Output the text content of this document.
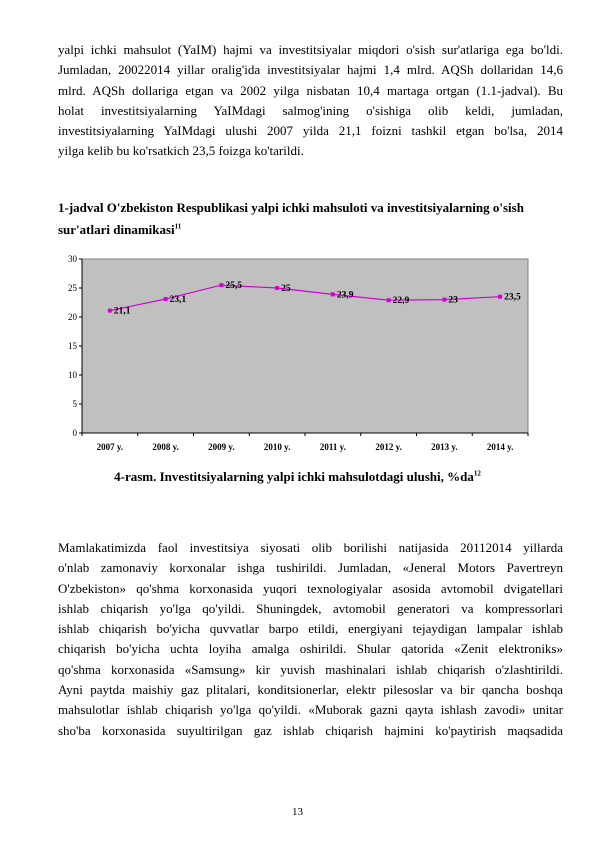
yalpi ichki mahsulot (YaIM) hajmi va investitsiyalar miqdori o'sish sur'atlariga ega bo'ldi.
Jumladan, 20022014 yillar oralig'ida investitsiyalar hajmi 1,4 mlrd. AQSh dollaridan 14,6
mlrd. AQSh dollariga etgan va 2002 yilga nisbatan 10,4 martaga ortgan (1.1-jadval). Bu
holat investitsiyalarning YaIMdagi salmog'ining o'sishiga olib keldi, jumladan,
investitsiyalarning YaIMdagi ulushi 2007 yilda 21,1 foizni tashkil etgan bo'lsa, 2014
yilga kelib bu ko'rsatkich 23,5 foizga ko'tarildi.
1-jadval O'zbekiston Respublikasi yalpi ichki mahsuloti va investitsiyalarning o'sish
sur'atlari dinamikasi$^{11}$
0
5
10
15
20
25
30
2007 y.	2008 y.	2009 y.	2010 y.	2011 y.	2012 y.	2013 y.	2014 y.
21,1
23,1
25,5	25
23,9
22,9	23	23,5
4-rasm. Investitsiyalarning yalpi ichki mahsulotdagi ulushi, $\%da^{12}$
Mamlakatimizda faol investitsiya siyosati olib borilishi natijasida 20112014 yillarda
o'nlab zamonaviy korxonalar ishga tushirildi. Jumladan, «Jeneral Motors Pavertreyn
O'zbekiston» qo'shma korxonasida yuqori texnologiyalar asosida avtomobil dvigatellari
ishlab chiqarish yo'lga qo'yildi. Shuningdek, avtomobil generatori va kompressorlari
ishlab chiqarish bo'yicha quvvatlar barpo etildi, energiyani tejaydigan lampalar ishlab
chiqarish bo'yicha uchta loyiha amalga oshirildi. Shular qatorida «Zenit elektroniks»
qo'shma korxonasida «Samsung» kir yuvish mashinalari ishlab chiqarish o'zlashtirildi.
Ayni paytda maishiy gaz plitalari, konditsionerlar, elektr pilesoslar va bir qancha boshqa
mahsulotlar ishlab chiqarish yo'lga qo'yildi. «Muborak gazni qayta ishlash zavodi» unitar
sho'ba korxonasida suyultirilgan gaz ishlab chiqarish hajmini ko'paytirish maqsadida
13
